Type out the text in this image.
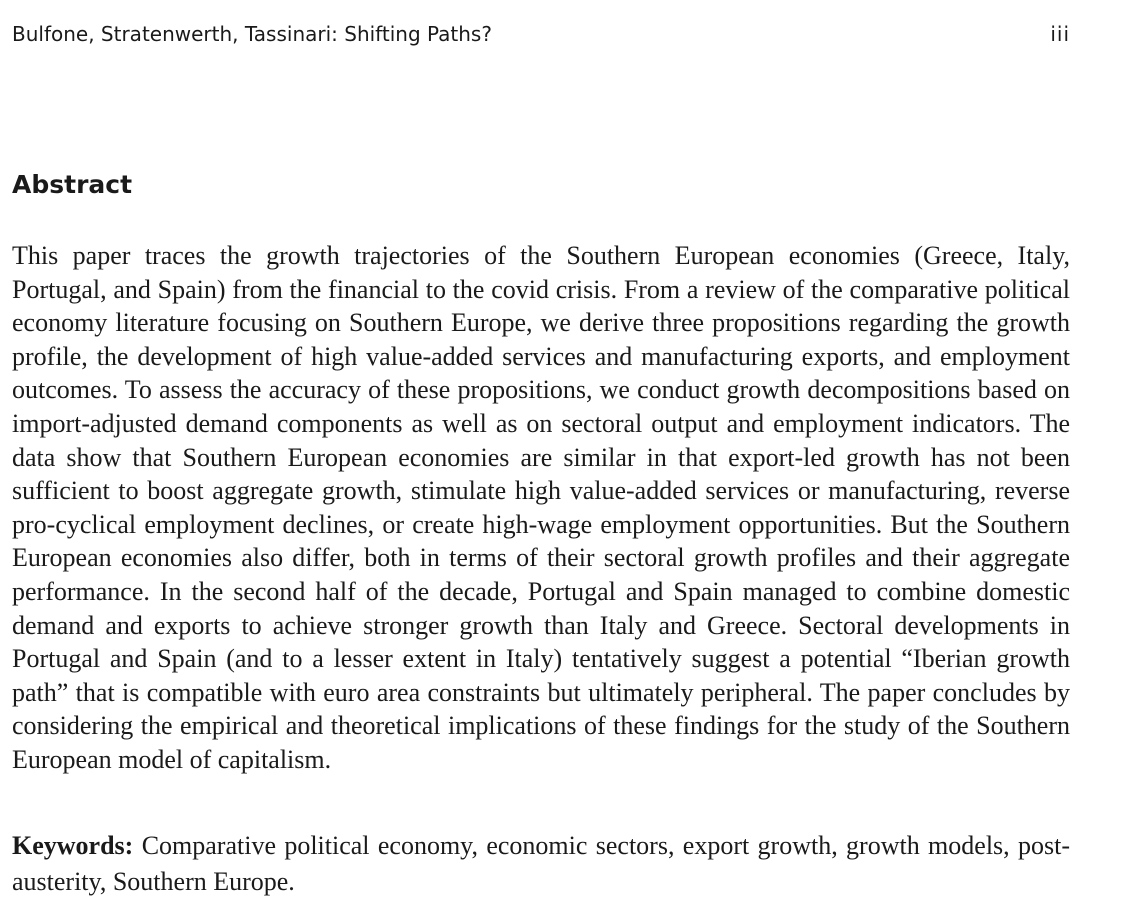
Bulfone, Stratenwerth, Tassinari: Shifting Paths?	iii
Abstract

This paper traces the growth trajectories of the Southern European economies (Greece, Italy, Portugal, and Spain) from the financial to the covid crisis. From a review of the comparative political economy literature focusing on Southern Europe, we derive three propositions regarding the growth profile, the development of high value-added services and manufacturing exports, and employment outcomes. To assess the accuracy of these propositions, we conduct growth decompositions based on import-adjusted demand components as well as on sectoral output and employment indicators. The data show that Southern European economies are similar in that export-led growth has not been sufficient to boost aggregate growth, stimulate high value-added services or manufacturing, reverse pro-cyclical employment declines, or create high-wage employment opportunities. But the Southern European economies also differ, both in terms of their sectoral growth profiles and their aggregate performance. In the second half of the decade, Portugal and Spain managed to combine domestic demand and exports to achieve stronger growth than Italy and Greece. Sectoral developments in Portugal and Spain (and to a lesser extent in Italy) tentatively suggest a potential “Iberian growth path” that is compatible with euro area constraints but ultimately peripheral. The paper concludes by considering the empirical and theoretical implications of these findings for the study of the Southern European model of capitalism.

Keywords: Comparative political economy, economic sectors, export growth, growth models, post-austerity, Southern Europe.
